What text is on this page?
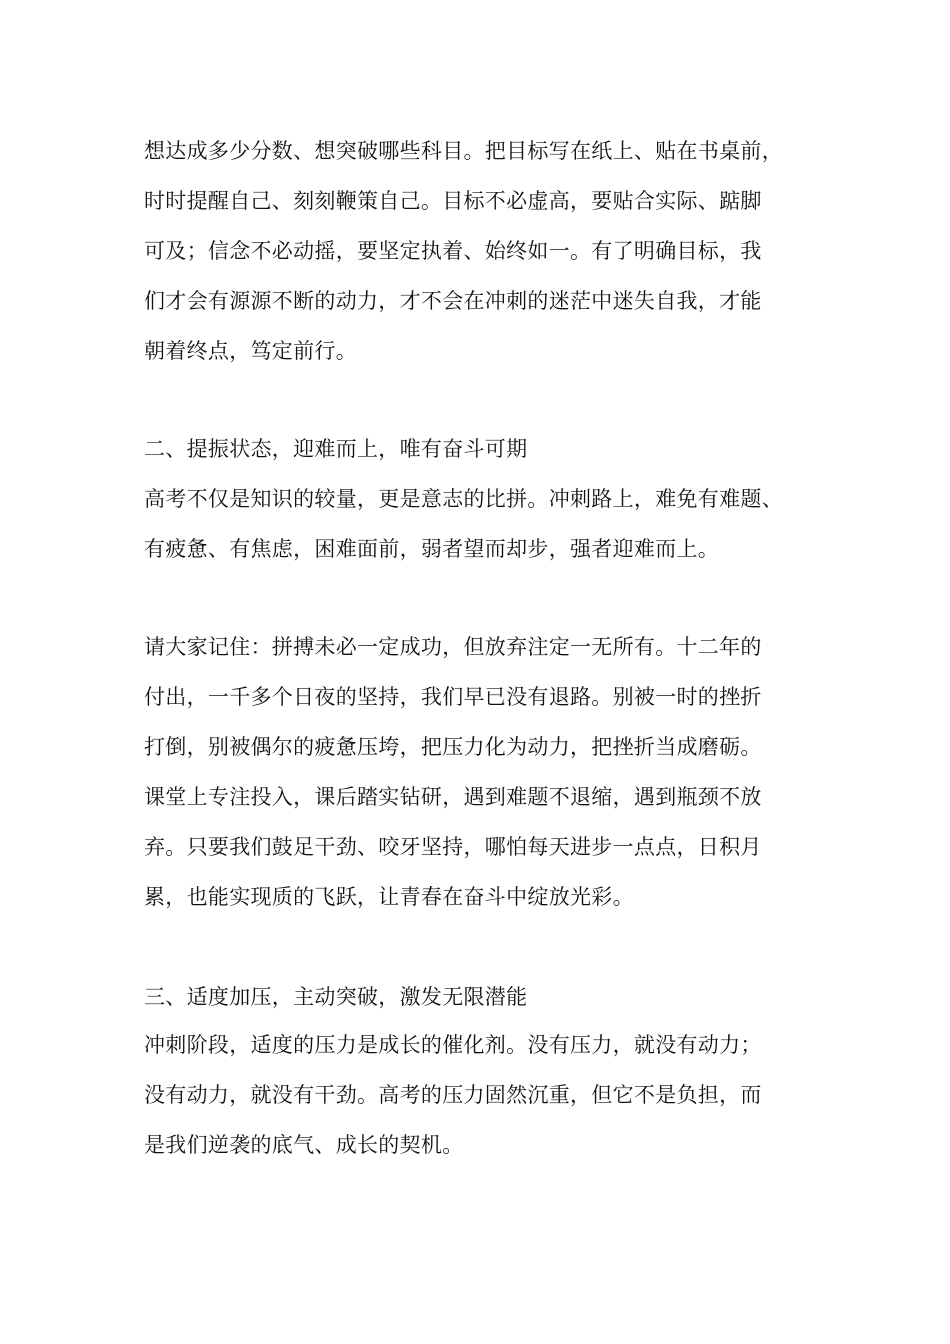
想达成多少分数、想突破哪些科目。把目标写在纸上、贴在书桌前，

时时提醒自己、刻刻鞭策自己。目标不必虚高，要贴合实际、踮脚

可及；信念不必动摇，要坚定执着、始终如一。有了明确目标，我

们才会有源源不断的动力，才不会在冲刺的迷茫中迷失自我，才能

朝着终点，笃定前行。

二、提振状态，迎难而上，唯有奋斗可期

高考不仅是知识的较量，更是意志的比拼。冲刺路上，难免有难题、

有疲惫、有焦虑，困难面前，弱者望而却步，强者迎难而上。

请大家记住：拼搏未必一定成功，但放弃注定一无所有。十二年的

付出，一千多个日夜的坚持，我们早已没有退路。别被一时的挫折

打倒，别被偶尔的疲惫压垮，把压力化为动力，把挫折当成磨砺。

课堂上专注投入，课后踏实钻研，遇到难题不退缩，遇到瓶颈不放

弃。只要我们鼓足干劲、咬牙坚持，哪怕每天进步一点点，日积月

累，也能实现质的飞跃，让青春在奋斗中绽放光彩。

三、适度加压，主动突破，激发无限潜能

冲刺阶段，适度的压力是成长的催化剂。没有压力，就没有动力；

没有动力，就没有干劲。高考的压力固然沉重，但它不是负担，而

是我们逆袭的底气、成长的契机。
